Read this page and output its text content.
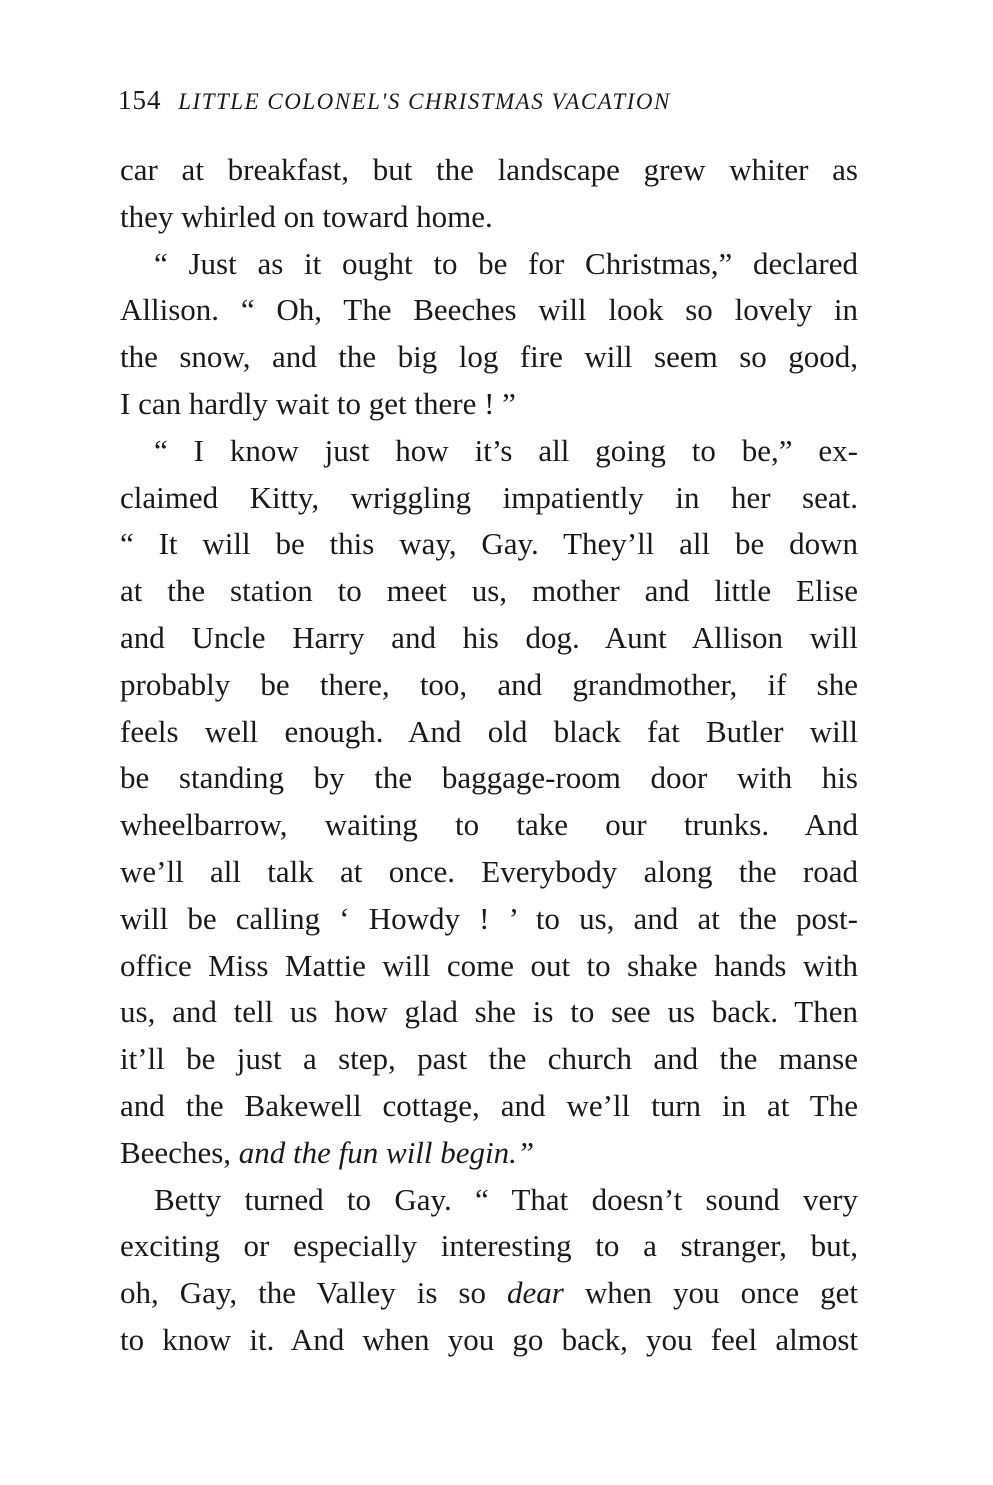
154 LITTLE COLONEL'S CHRISTMAS VACATION
car at breakfast, but the landscape grew whiter as
they whirled on toward home.
“ Just as it ought to be for Christmas,” declared
Allison. “ Oh, The Beeches will look so lovely in
the snow, and the big log fire will seem so good,
I can hardly wait to get there ! ”
“ I know just how it’s all going to be,” ex-
claimed Kitty, wriggling impatiently in her seat.
“ It will be this way, Gay. They’ll all be down
at the station to meet us, mother and little Elise
and Uncle Harry and his dog. Aunt Allison will
probably be there, too, and grandmother, if she
feels well enough. And old black fat Butler will
be standing by the baggage-room door with his
wheelbarrow, waiting to take our trunks. And
we’ll all talk at once. Everybody along the road
will be calling ‘ Howdy ! ’ to us, and at the post-
office Miss Mattie will come out to shake hands with
us, and tell us how glad she is to see us back. Then
it’ll be just a step, past the church and the manse
and the Bakewell cottage, and we’ll turn in at The
Beeches, and the fun will begin.”
Betty turned to Gay. “ That doesn’t sound very
exciting or especially interesting to a stranger, but,
oh, Gay, the Valley is so dear when you once get
to know it. And when you go back, you feel almost
